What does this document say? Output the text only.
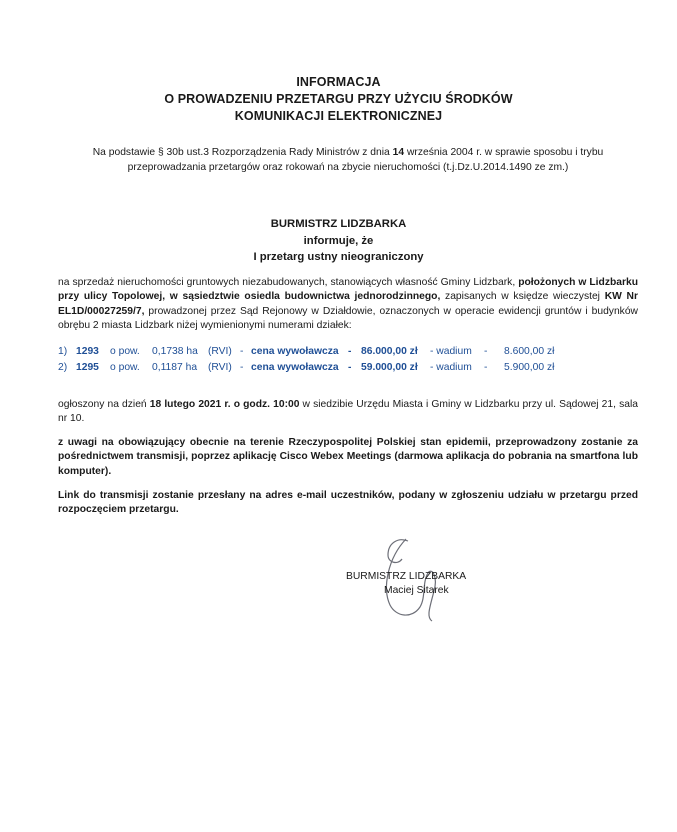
INFORMACJA
O PROWADZENIU PRZETARGU PRZY UŻYCIU ŚRODKÓW
KOMUNIKACJI ELEKTRONICZNEJ
Na podstawie § 30b ust.3 Rozporządzenia Rady Ministrów z dnia 14 września 2004 r. w sprawie sposobu i trybu
przeprowadzania przetargów oraz rokowań na zbycie nieruchomości (t.j.Dz.U.2014.1490 ze zm.)
BURMISTRZ LIDZBARKA
informuje, że
I przetarg ustny nieograniczony
na sprzedaż nieruchomości gruntowych niezabudowanych, stanowiących własność Gminy Lidzbark, położonych w Lidzbarku przy ulicy Topolowej, w sąsiedztwie osiedla budownictwa jednorodzinnego, zapisanych w księdze wieczystej KW Nr EL1D/00027259/7, prowadzonej przez Sąd Rejonowy w Działdowie, oznaczonych w operacie ewidencji gruntów i budynków obrębu 2 miasta Lidzbark niżej wymienionymi numerami działek:
1) 1293 o pow. 0,1738 ha (RVI) - cena wywoławcza - 86.000,00 zł - wadium - 8.600,00 zł
2) 1295 o pow. 0,1187 ha (RVI) - cena wywoławcza - 59.000,00 zł - wadium - 5.900,00 zł
ogłoszony na dzień 18 lutego 2021 r. o godz. 10:00 w siedzibie Urzędu Miasta i Gminy w Lidzbarku przy ul. Sądowej 21, sala nr 10.
z uwagi na obowiązujący obecnie na terenie Rzeczypospolitej Polskiej stan epidemii, przeprowadzony zostanie za pośrednictwem transmisji, poprzez aplikację Cisco Webex Meetings (darmowa aplikacja do pobrania na smartfona lub komputer).
Link do transmisji zostanie przesłany na adres e-mail uczestników, podany w zgłoszeniu udziału w przetargu przed rozpoczęciem przetargu.
BURMISTRZ LIDZBARKA
Maciej Sitarek
